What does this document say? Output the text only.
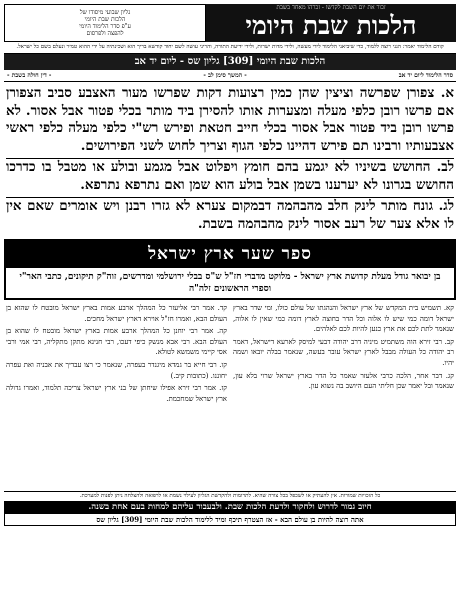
זכור את יום השבת לקדשו - זכרהו מאחד בשבת
הלכות שבת היומי
גליון שבועי מיסודו של
הלכות שבת היומי
ע"פ סדר הלימוד היומי
להפצה ולפרסום
קודם הלימוד יאמר: הנני רוצה ללמוד, כדי שיביאני הלימוד לידי מעשה, ולידי מדות ישרות, ולידי ידיעת התורה, והריני עושה לשם יחוד קודשא בריך הוא ושכינתיה על ידי ההוא טמיר ונעלם בשם כל ישראל.
הלכות שבת היומי [309] גליון שס - ליום יד אב
סדר הלימוד ליום יד אב
- המשך סימן לב -
- דין חולה בשבת -

א. צפורן שפרשה וציצין שהן כמין רצועות דקות שפרשו מעור האצבע סביב הצפורן אם פרשו רובן כלפי מעלה ומצערות אותו להסירן ביד מותר בכלי פטור אבל אסור. לא פרשו רובן ביד פטור אבל אסור בכלי חייב חטאת ופירש רש"י כלפי מעלה כלפי ראשי אצבעותיו ורבינו תם פירש דהיינו כלפי הגוף וצריך לחוש לשני הפירושים.

לב. החושש בשיניו לא יגמע בהם חומץ ויפלוט אבל מגמע ובולע או מטבל בו כדרכו החושש בגרונו לא יערענו בשמן אבל בולע הוא שמן ואם נתרפא נתרפא.

לג. גונח מותר לינק חלב מהבהמה דבמקום צערא לא גזרו רבנן ויש אומרים שאם אין לו אלא צער של רעב אסור לינק מהבהמה בשבת.

ספר שער ארץ ישראל
בן יבואר גודל מעלת קדושת ארץ ישראל - מלוקט מדברי חז"ל ש"ס בבלי ירושלמי ומדרשים, זוה"ק תיקונים, כתבי האר"י וספרי הראשונים זלה"ה

קא. תשמיש בית המקדש של ארץ ישראל והנהגתו של עולם כולו, ומי שדר בארץ ישראל דומה כמי שיש לו אלוה וכל הדר בחוצה לארץ דומה כמי שאין לו אלוה, שנאמר לתת לכם את ארץ כנען להיות לכם לאלהים.

קב. רבי זירא הוה משתמיט מיניה דרב יהודה דבעי למיסק לארעא דישראל, דאמר רב יהודה כל העולה מבבל לארץ ישראל עובר בעשה, שנאמר בבלה יובאו ושמה יהיו.

קג. דבר אחר, הלכה כרבי אלעזר שאמר כל הדר בארץ ישראל שרוי בלא עון, שנאמר ובל יאמר שכן חליתי העם היושב בה נשוא עון.

קד. אמר רבי אליעזר כל המהלך ארבע אמות בארץ ישראל מובטח לו שהוא בן העולם הבא, ואמרו חז"ל אוירא דארץ ישראל מחכים.

קה. אמר רבי יוחנן כל המהלך ארבע אמות בארץ ישראל מובטח לו שהוא בן העולם הבא. רבי אבא מנשק כיפי דעכו, רבי חנינא מתקן מתקליה, רבי אמי ורבי אסי קיימי משמשא לטולא.

קו. רבי חייא בר גמדא מיגנדר בעפרה, שנאמר כי רצו עבדיך את אבניה ואת עפרה יחוננו. (כתובות קיב.)

קז. אמר רבי זירא אפילו שיחתן של בני ארץ ישראל צריכה תלמוד, ואמרו גדולה ארץ ישראל שמחכמת.

כל הזכויות שמורות. אין להעתיק או לשכפל בכל צורה שהיא. לתרומות ולהקדשת הגליון לעילוי נשמת או לרפואה ולהצלחה ניתן לפנות למערכת.
חיוב גמור לדרוש ולחקור ולדעת הלכות שבת. ולבעבור עליהם למחות בעם אחת בשנה.
אתה רוצה להיות בן עולם הבא - אז הצטרף תיכף ומיד ללימוד הלכות שבת היומי [309] גליון שס
